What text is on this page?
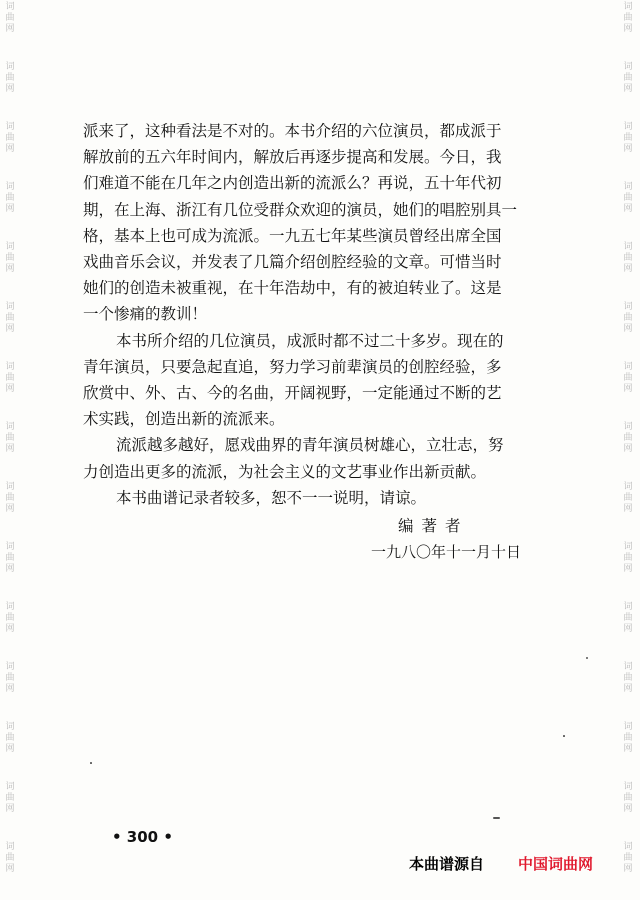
词
曲
网
词
曲
网
词
曲
网
词
曲
网
词
曲
网
词
曲
网
词
曲
网
词
曲
网
词
曲
网
词
曲
网
词
曲
网
词
曲
网
词
曲
网
词
曲
网
词
曲
网
词
曲
网
词
曲
网
词
曲
网
词
曲
网
词
曲
网
词
曲
网
词
曲
网
词
曲
网
词
曲
网
词
曲
网
词
曲
网
词
曲
网
词
曲
网
词
曲
网
词
曲
网

派来了，这种看法是不对的。本书介绍的六位演员，都成派于
解放前的五六年时间内，解放后再逐步提高和发展。今日，我
们难道不能在几年之内创造出新的流派么？再说，五十年代初
期，在上海、浙江有几位受群众欢迎的演员，她们的唱腔别具一
格，基本上也可成为流派。一九五七年某些演员曾经出席全国
戏曲音乐会议，并发表了几篇介绍创腔经验的文章。可惜当时
她们的创造未被重视，在十年浩劫中，有的被迫转业了。这是
一个惨痛的教训！

本书所介绍的几位演员，成派时都不过二十多岁。现在的
青年演员，只要急起直追，努力学习前辈演员的创腔经验，多
欣赏中、外、古、今的名曲，开阔视野，一定能通过不断的艺
术实践，创造出新的流派来。

流派越多越好，愿戏曲界的青年演员树雄心，立壮志，努
力创造出更多的流派，为社会主义的文艺事业作出新贡献。

本书曲谱记录者较多，恕不一一说明，请谅。

编著者
一九八〇年十一月十日
• 300 •
本曲谱源自 中国词曲网
